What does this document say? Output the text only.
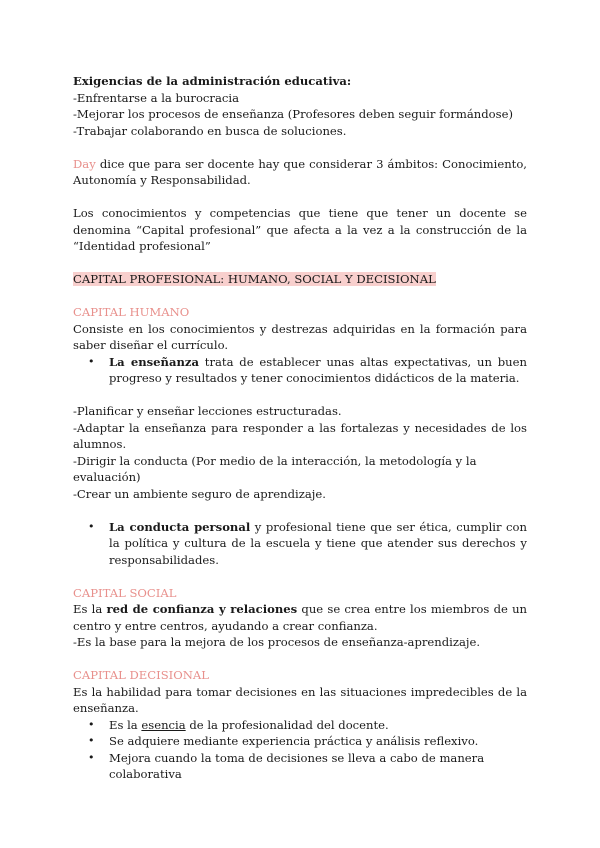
Exigencias de la administración educativa:

-Enfrentarse a la burocracia

-Mejorar los procesos de enseñanza (Profesores deben seguir formándose)

-Trabajar colaborando en busca de soluciones.

Day dice que para ser docente hay que considerar 3 ámbitos: Conocimiento, Autonomía y Responsabilidad.

Los conocimientos y competencias que tiene que tener un docente se denomina “Capital profesional” que afecta a la vez a la construcción de la “Identidad profesional”

CAPITAL PROFESIONAL: HUMANO, SOCIAL Y DECISIONAL

CAPITAL HUMANO

Consiste en los conocimientos y destrezas adquiridas en la formación para saber diseñar el currículo.

• La enseñanza trata de establecer unas altas expectativas, un buen progreso y resultados y tener conocimientos didácticos de la materia.

-Planificar y enseñar lecciones estructuradas.

-Adaptar la enseñanza para responder a las fortalezas y necesidades de los alumnos.

-Dirigir la conducta (Por medio de la interacción, la metodología y la evaluación)

-Crear un ambiente seguro de aprendizaje.

• La conducta personal y profesional tiene que ser ética, cumplir con la política y cultura de la escuela y tiene que atender sus derechos y responsabilidades.

CAPITAL SOCIAL

Es la red de confianza y relaciones que se crea entre los miembros de un centro y entre centros, ayudando a crear confianza.

-Es la base para la mejora de los procesos de enseñanza-aprendizaje.

CAPITAL DECISIONAL

Es la habilidad para tomar decisiones en las situaciones impredecibles de la enseñanza.

• Es la esencia de la profesionalidad del docente.
• Se adquiere mediante experiencia práctica y análisis reflexivo.
• Mejora cuando la toma de decisiones se lleva a cabo de manera colaborativa
